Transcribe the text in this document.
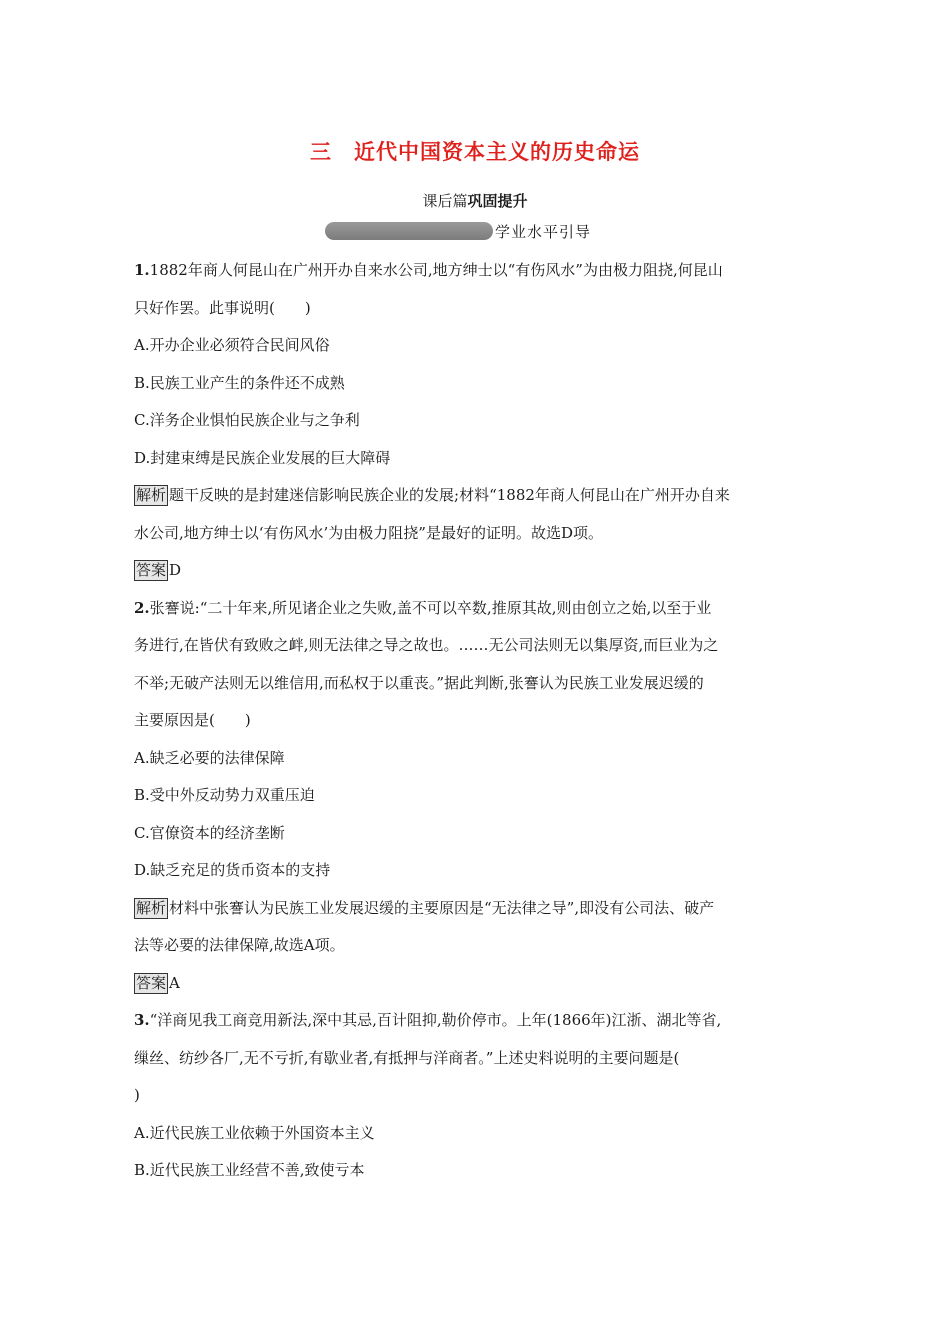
三 近代中国资本主义的历史命运
课后篇巩固提升
学业水平引导
1.1882年商人何昆山在广州开办自来水公司,地方绅士以“有伤风水”为由极力阻挠,何昆山
只好作罢。此事说明(　　)
A.开办企业必须符合民间风俗
B.民族工业产生的条件还不成熟
C.洋务企业惧怕民族企业与之争利
D.封建束缚是民族企业发展的巨大障碍
解析 题干反映的是封建迷信影响民族企业的发展;材料“1882年商人何昆山在广州开办自来
水公司,地方绅士以‘有伤风水’为由极力阻挠”是最好的证明。故选D项。
答案 D
2.张謇说:“二十年来,所见诸企业之失败,盖不可以卒数,推原其故,则由创立之始,以至于业
务进行,在皆伏有致败之衅,则无法律之导之故也。……无公司法则无以集厚资,而巨业为之
不举;无破产法则无以维信用,而私权于以重丧。”据此判断,张謇认为民族工业发展迟缓的
主要原因是(　　)
A.缺乏必要的法律保障
B.受中外反动势力双重压迫
C.官僚资本的经济垄断
D.缺乏充足的货币资本的支持
解析 材料中张謇认为民族工业发展迟缓的主要原因是“无法律之导”,即没有公司法、破产
法等必要的法律保障,故选A项。
答案 A
3.“洋商见我工商竞用新法,深中其忌,百计阻抑,勒价停市。上年(1866年)江浙、湖北等省,
缫丝、纺纱各厂,无不亏折,有歇业者,有抵押与洋商者。”上述史料说明的主要问题是(
)
A.近代民族工业依赖于外国资本主义
B.近代民族工业经营不善,致使亏本
